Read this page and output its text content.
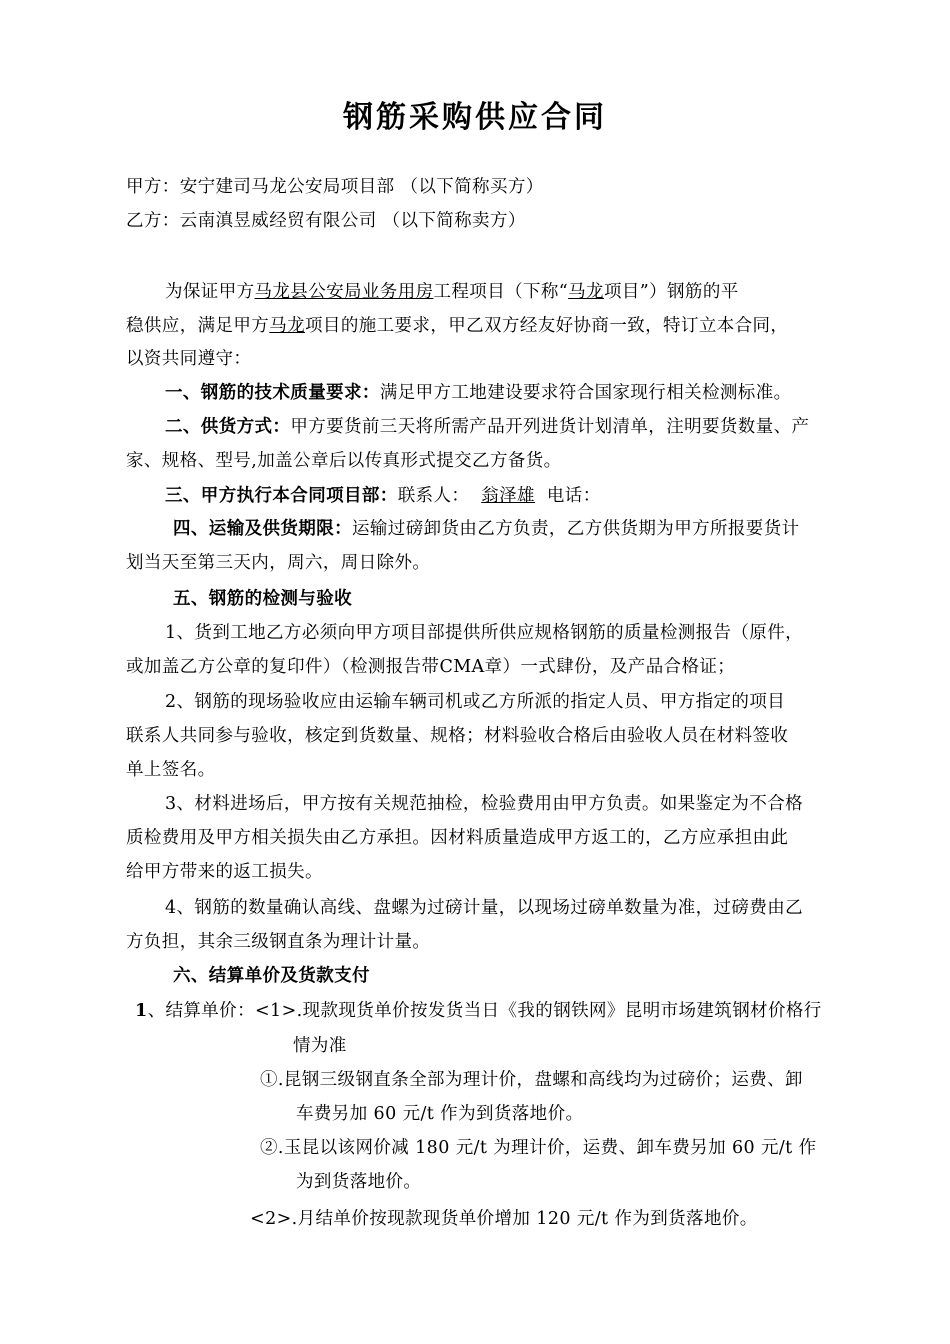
钢筋采购供应合同
甲方：安宁建司马龙公安局项目部 （以下简称买方）
乙方：云南滇昱威经贸有限公司 （以下简称卖方）
为保证甲方马龙县公安局业务用房工程项目（下称“马龙项目”）钢筋的平
稳供应，满足甲方马龙项目的施工要求，甲乙双方经友好协商一致，特订立本合同，
以资共同遵守：
一、钢筋的技术质量要求：满足甲方工地建设要求符合国家现行相关检测标准。
二、供货方式：甲方要货前三天将所需产品开列进货计划清单，注明要货数量、产
家、规格、型号,加盖公章后以传真形式提交乙方备货。
三、甲方执行本合同项目部：联系人： 翁泽雄 电话：
四、运输及供货期限：运输过磅卸货由乙方负责，乙方供货期为甲方所报要货计
划当天至第三天内，周六，周日除外。
五、钢筋的检测与验收
1、货到工地乙方必须向甲方项目部提供所供应规格钢筋的质量检测报告（原件，
或加盖乙方公章的复印件）（检测报告带CMA章）一式肆份，及产品合格证；
2、钢筋的现场验收应由运输车辆司机或乙方所派的指定人员、甲方指定的项目
联系人共同参与验收，核定到货数量、规格；材料验收合格后由验收人员在材料签收
单上签名。
3、材料进场后，甲方按有关规范抽检，检验费用由甲方负责。如果鉴定为不合格
质检费用及甲方相关损失由乙方承担。因材料质量造成甲方返工的，乙方应承担由此
给甲方带来的返工损失。
4、钢筋的数量确认高线、盘螺为过磅计量，以现场过磅单数量为准，过磅费由乙
方负担，其余三级钢直条为理计计量。
六、结算单价及货款支付
1、结算单价：<1>.现款现货单价按发货当日《我的钢铁网》昆明市场建筑钢材价格行
情为准
①.昆钢三级钢直条全部为理计价，盘螺和高线均为过磅价；运费、卸
车费另加 60 元/t 作为到货落地价。
②.玉昆以该网价减 180 元/t 为理计价，运费、卸车费另加 60 元/t 作
为到货落地价。
<2>.月结单价按现款现货单价增加 120 元/t 作为到货落地价。
